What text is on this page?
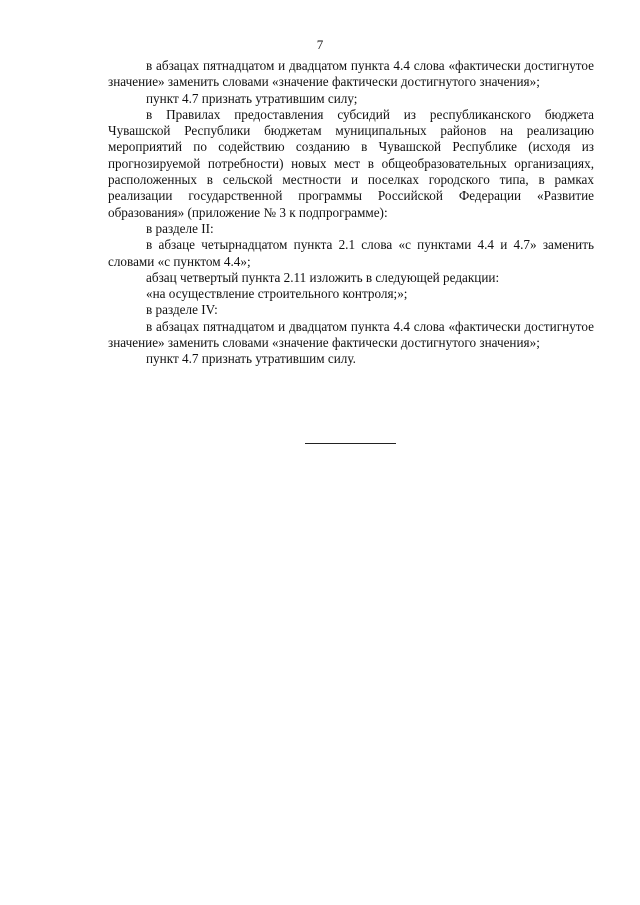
7

в абзацах пятнадцатом и двадцатом пункта 4.4 слова «фактически достигнутое значение» заменить словами «значение фактически достигнутого значения»;

пункт 4.7 признать утратившим силу;

в Правилах предоставления субсидий из республиканского бюджета Чувашской Республики бюджетам муниципальных районов на реализацию мероприятий по содействию созданию в Чувашской Республике (исходя из прогнозируемой потребности) новых мест в общеобразовательных организациях, расположенных в сельской местности и поселках городского типа, в рамках реализации государственной программы Российской Федерации «Развитие образования» (приложение № 3 к подпрограмме):

в разделе II:

в абзаце четырнадцатом пункта 2.1 слова «с пунктами 4.4 и 4.7» заменить словами «с пунктом 4.4»;

абзац четвертый пункта 2.11 изложить в следующей редакции:

«на осуществление строительного контроля;»;

в разделе IV:

в абзацах пятнадцатом и двадцатом пункта 4.4 слова «фактически достигнутое значение» заменить словами «значение фактически достигнутого значения»;

пункт 4.7 признать утратившим силу.
